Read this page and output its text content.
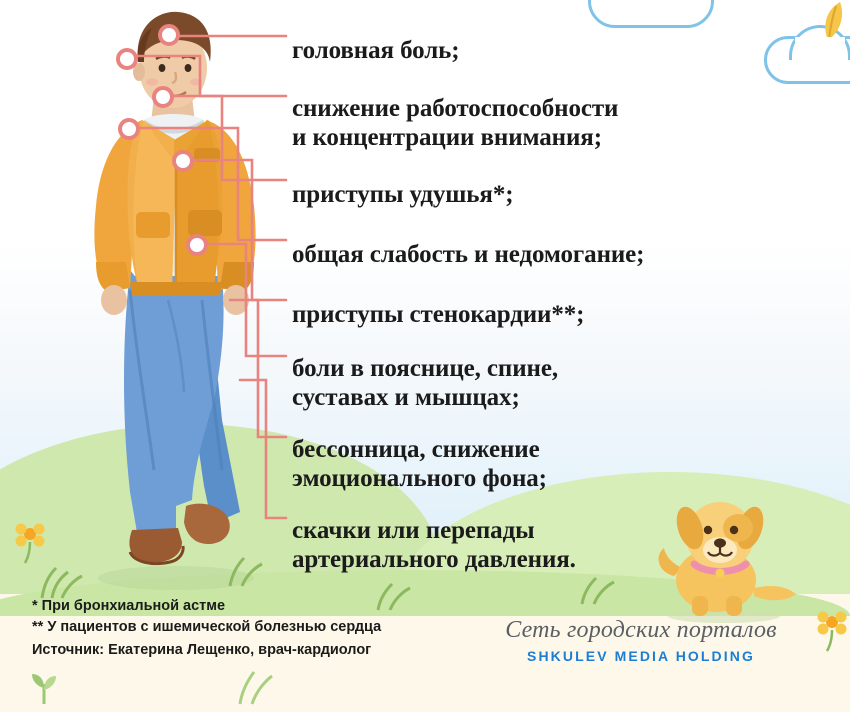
головная боль;
снижение работоспособности
и концентрации внимания;
приступы удушья*;
общая слабость и недомогание;
приступы стенокардии**;
боли в пояснице, спине,
суставах и мышцах;
бессонница, снижение
эмоционального фона;
скачки или перепады
артериального давления.
* При бронхиальной астме
** У пациентов с ишемической болезнью сердца
Источник: Екатерина Лещенко, врач-кардиолог
Сеть городских порталов
SHKULEV MEDIA HOLDING
